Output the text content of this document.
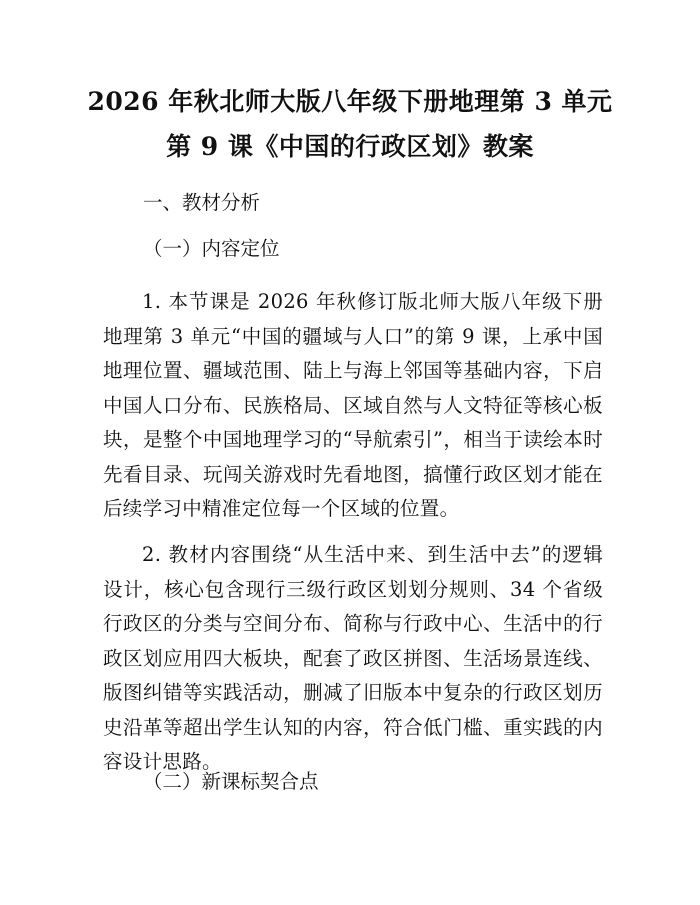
2026 年秋北师大版八年级下册地理第 3 单元
第 9 课《中国的行政区划》教案
一、教材分析
（一）内容定位
1. 本节课是 2026 年秋修订版北师大版八年级下册地理第 3 单元“中国的疆域与人口”的第 9 课，上承中国地理位置、疆域范围、陆上与海上邻国等基础内容，下启中国人口分布、民族格局、区域自然与人文特征等核心板块，是整个中国地理学习的“导航索引”，相当于读绘本时先看目录、玩闯关游戏时先看地图，搞懂行政区划才能在后续学习中精准定位每一个区域的位置。
2. 教材内容围绕“从生活中来、到生活中去”的逻辑设计，核心包含现行三级行政区划划分规则、34 个省级行政区的分类与空间分布、简称与行政中心、生活中的行政区划应用四大板块，配套了政区拼图、生活场景连线、版图纠错等实践活动，删减了旧版本中复杂的行政区划历史沿革等超出学生认知的内容，符合低门槛、重实践的内容设计思路。
（二）新课标契合点
